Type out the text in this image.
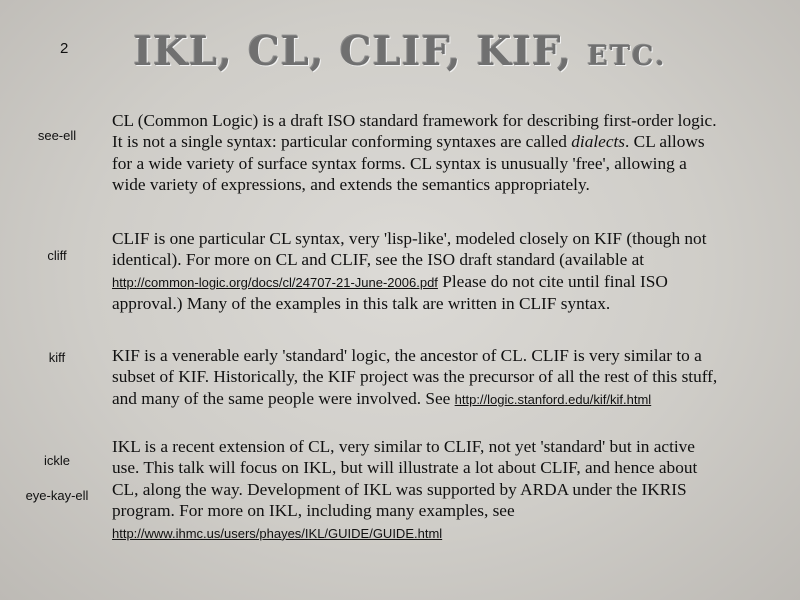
2	IKL, CL, CLIF, KIF, ETC.
see-ell
cliff
kiff
ickle
eye-kay-ell
CL (Common Logic) is a draft ISO standard framework for describing first-order logic. It is not a single syntax: particular conforming syntaxes are called dialects. CL allows for a wide variety of surface syntax forms. CL syntax is unusually 'free', allowing a wide variety of expressions, and extends the semantics appropriately.
CLIF is one particular CL syntax, very 'lisp-like', modeled closely on KIF (though not identical). For more on CL and CLIF, see the ISO draft standard (available at http://common-logic.org/docs/cl/24707-21-June-2006.pdf Please do not cite until final ISO approval.) Many of the examples in this talk are written in CLIF syntax.
KIF is a venerable early 'standard' logic, the ancestor of CL. CLIF is very similar to a subset of KIF. Historically, the KIF project was the precursor of all the rest of this stuff, and many of the same people were involved. See http://logic.stanford.edu/kif/kif.html
IKL is a recent extension of CL, very similar to CLIF, not yet 'standard' but in active use. This talk will focus on IKL, but will illustrate a lot about CLIF, and hence about CL, along the way. Development of IKL was supported by ARDA under the IKRIS program. For more on IKL, including many examples, see http://www.ihmc.us/users/phayes/IKL/GUIDE/GUIDE.html
